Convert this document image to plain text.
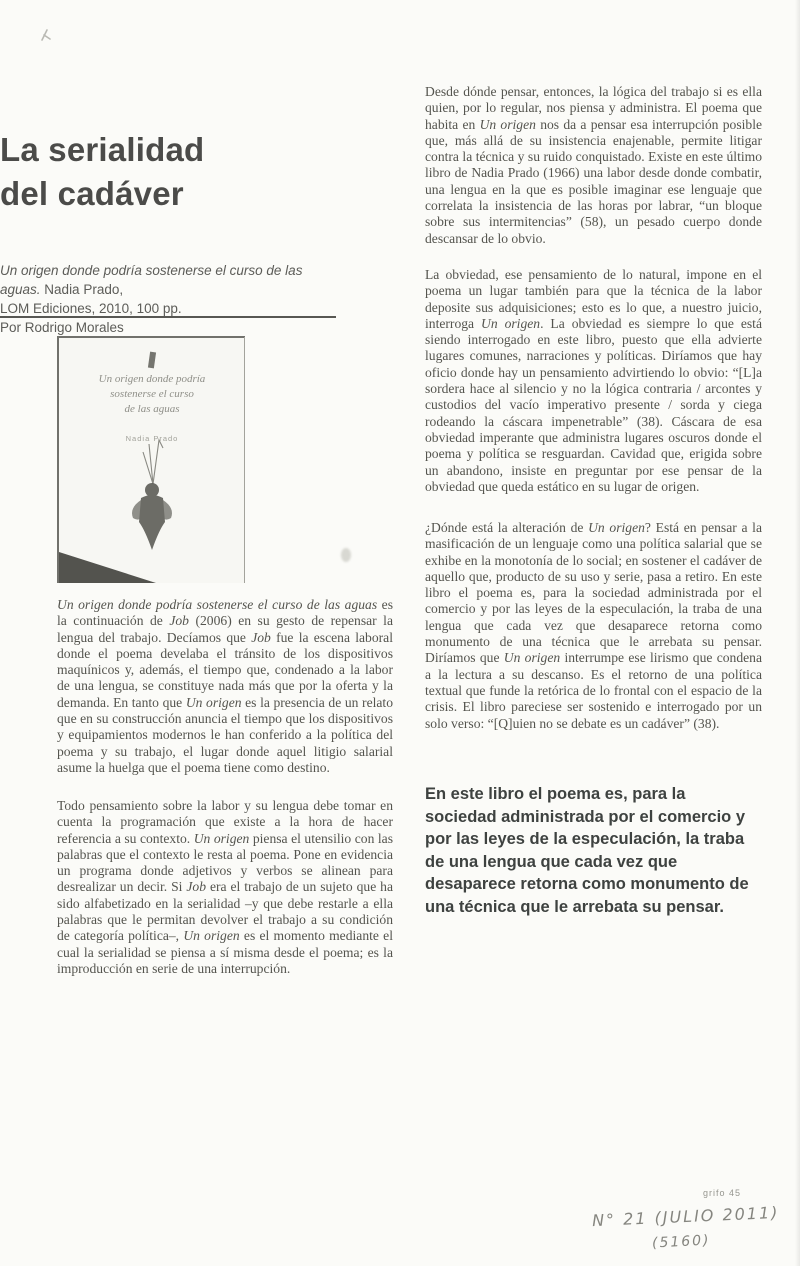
La serialidad
del cadáver
Un origen donde podría sostenerse el curso de las
aguas. Nadia Prado,
LOM Ediciones, 2010, 100 pp.
Por Rodrigo Morales
Un origen donde podría
sostenerse el curso
de las aguas
Nadia Prado

Un origen donde podría sostenerse el curso de las aguas es la continuación de Job (2006) en su gesto de repensar la lengua del trabajo. Decíamos que Job fue la escena laboral donde el poema develaba el tránsito de los dispositivos maquínicos y, además, el tiempo que, condenado a la labor de una lengua, se constituye nada más que por la oferta y la demanda. En tanto que Un origen es la presencia de un relato que en su construcción anuncia el tiempo que los dispositivos y equipamientos modernos le han conferido a la política del poema y su trabajo, el lugar donde aquel litigio salarial asume la huelga que el poema tiene como destino.

Todo pensamiento sobre la labor y su lengua debe tomar en cuenta la programación que existe a la hora de hacer referencia a su contexto. Un origen piensa el utensilio con las palabras que el contexto le resta al poema. Pone en evidencia un programa donde adjetivos y verbos se alinean para desrealizar un decir. Si Job era el trabajo de un sujeto que ha sido alfabetizado en la serialidad –y que debe restarle a ella palabras que le permitan devolver el trabajo a su condición de categoría política–, Un origen es el momento mediante el cual la serialidad se piensa a sí misma desde el poema; es la improducción en serie de una interrupción.

Desde dónde pensar, entonces, la lógica del trabajo si es ella quien, por lo regular, nos piensa y administra. El poema que habita en Un origen nos da a pensar esa interrupción posible que, más allá de su insistencia enajenable, permite litigar contra la técnica y su ruido conquistado. Existe en este último libro de Nadia Prado (1966) una labor desde donde combatir, una lengua en la que es posible imaginar ese lenguaje que correlata la insistencia de las horas por labrar, “un bloque sobre sus intermitencias” (58), un pesado cuerpo donde descansar de lo obvio.

La obviedad, ese pensamiento de lo natural, impone en el poema un lugar también para que la técnica de la labor deposite sus adquisiciones; esto es lo que, a nuestro juicio, interroga Un origen. La obviedad es siempre lo que está siendo interrogado en este libro, puesto que ella advierte lugares comunes, narraciones y políticas. Diríamos que hay oficio donde hay un pensamiento advirtiendo lo obvio: “[L]a sordera hace al silencio y no la lógica contraria / arcontes y custodios del vacío imperativo presente / sorda y ciega rodeando la cáscara impenetrable” (38). Cáscara de esa obviedad imperante que administra lugares oscuros donde el poema y política se resguardan. Cavidad que, erigida sobre un abandono, insiste en preguntar por ese pensar de la obviedad que queda estático en su lugar de origen.

¿Dónde está la alteración de Un origen? Está en pensar a la masificación de un lenguaje como una política salarial que se exhibe en la monotonía de lo social; en sostener el cadáver de aquello que, producto de su uso y serie, pasa a retiro. En este libro el poema es, para la sociedad administrada por el comercio y por las leyes de la especulación, la traba de una lengua que cada vez que desaparece retorna como monumento de una técnica que le arrebata su pensar. Diríamos que Un origen interrumpe ese lirismo que condena a la lectura a su descanso. Es el retorno de una política textual que funde la retórica de lo frontal con el espacio de la crisis. El libro pareciese ser sostenido e interrogado por un solo verso: “[Q]uien no se debate es un cadáver” (38).

En este libro el poema es, para la sociedad administrada por el comercio y por las leyes de la especulación, la traba de una lengua que cada vez que desaparece retorna como monumento de una técnica que le arrebata su pensar.

grifo 45
N° 21 (JULIO 2011)
(5160)
